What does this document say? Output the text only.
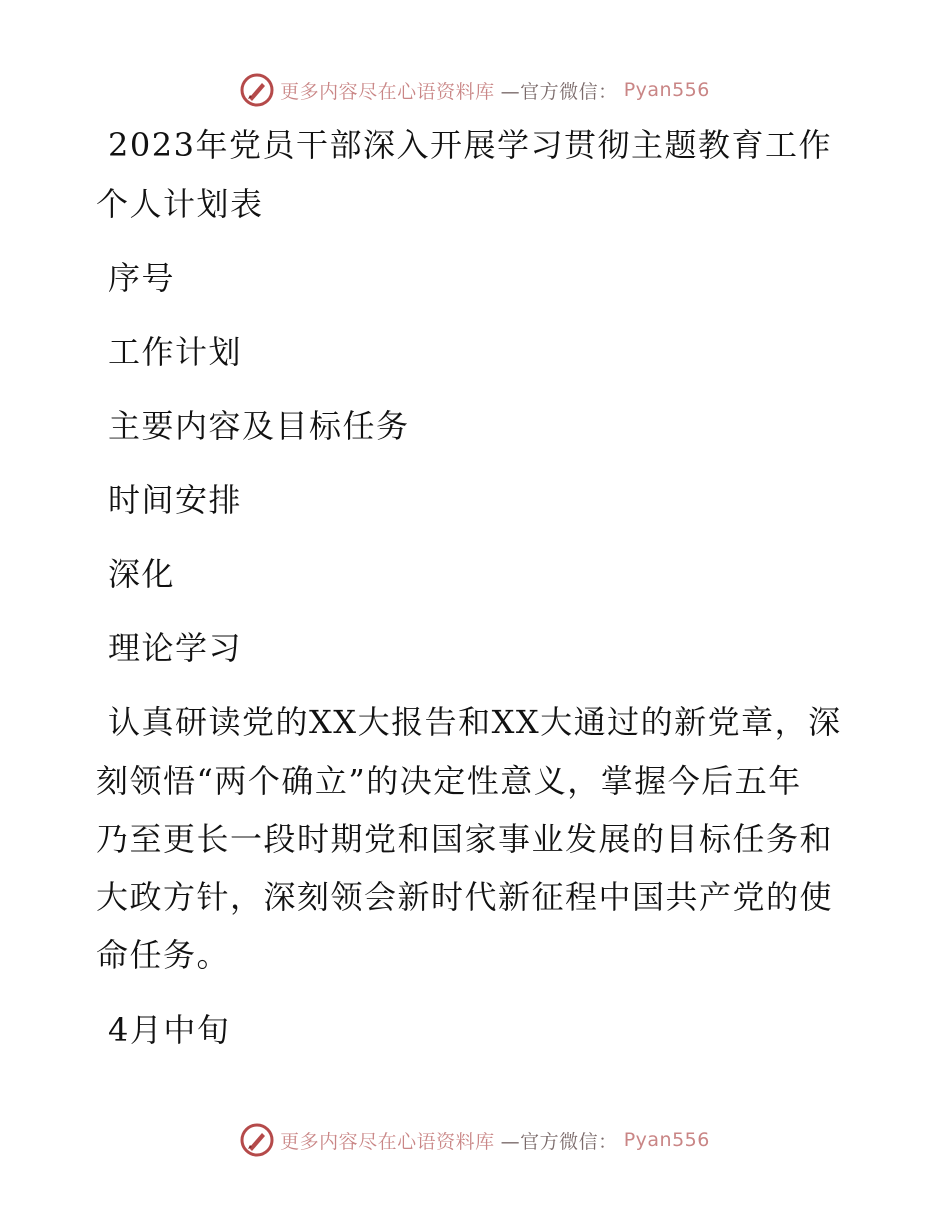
更多内容尽在心语资料库 —官方微信： Pyan556
2023年党员干部深入开展学习贯彻主题教育工作
个人计划表
序号
工作计划
主要内容及目标任务
时间安排
深化
理论学习
认真研读党的XX大报告和XX大通过的新党章，深
刻领悟“两个确立”的决定性意义，掌握今后五年
乃至更长一段时期党和国家事业发展的目标任务和
大政方针，深刻领会新时代新征程中国共产党的使
命任务。
4月中旬
更多内容尽在心语资料库 —官方微信： Pyan556
